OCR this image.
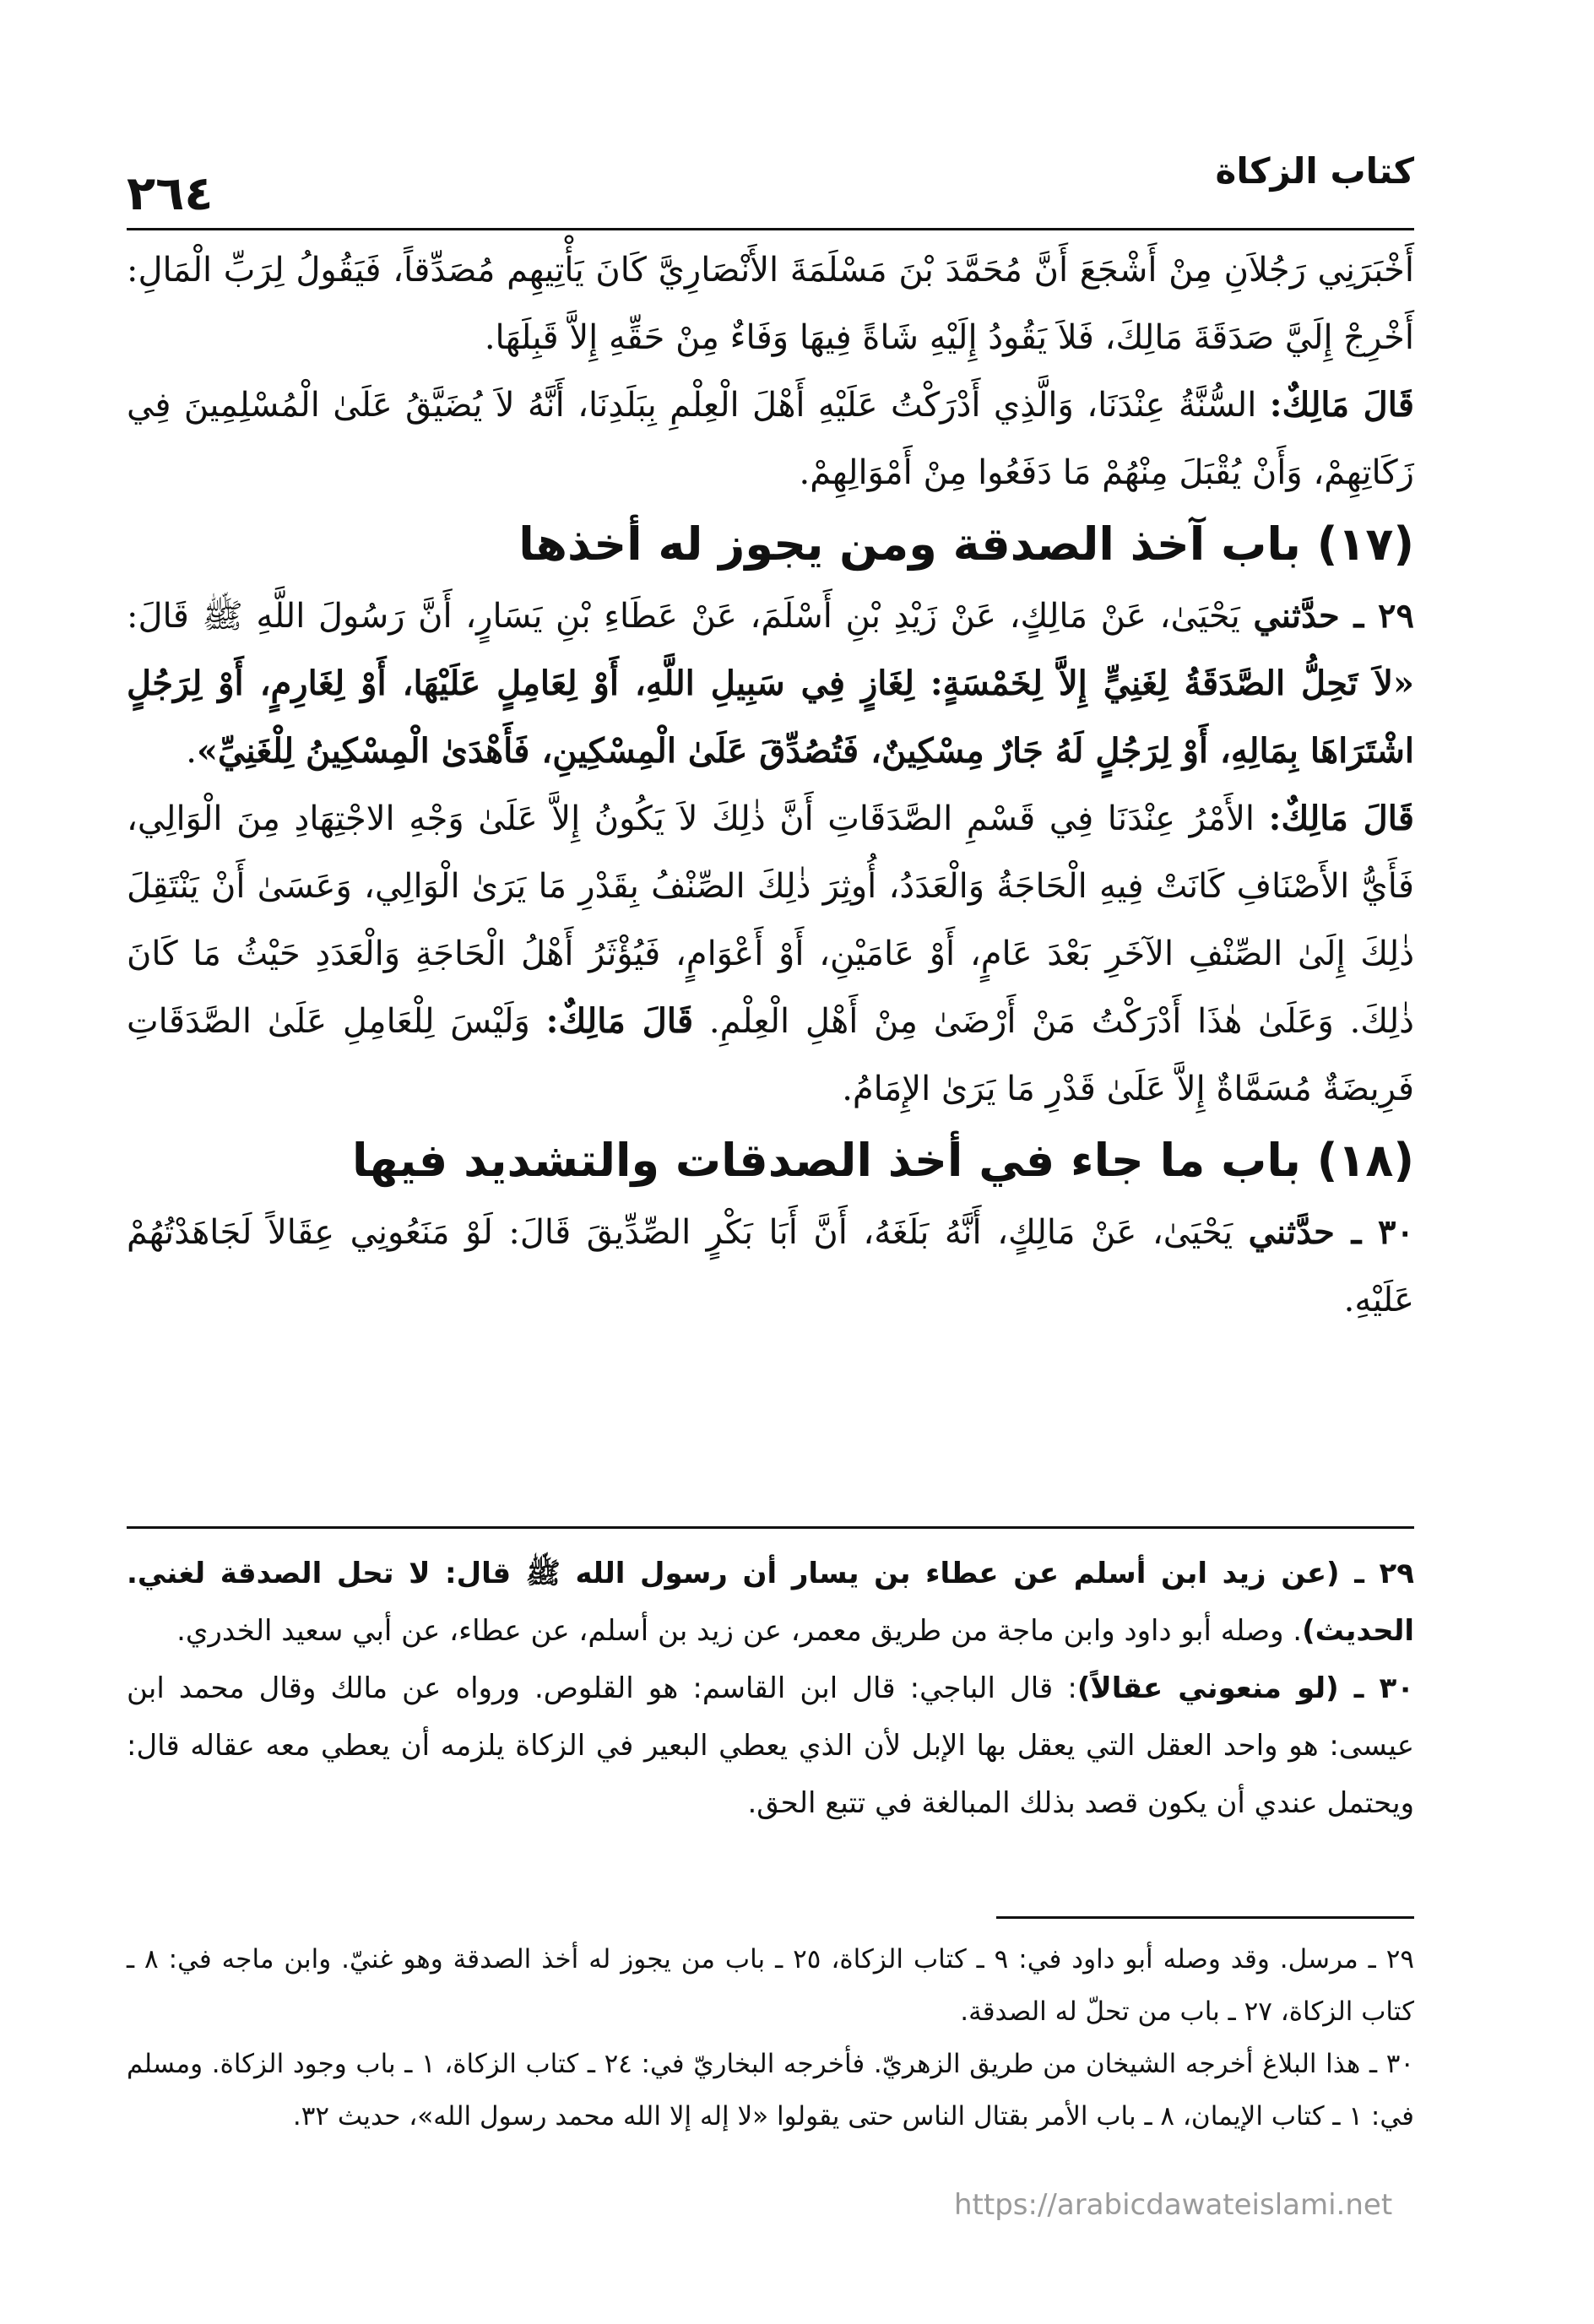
٢٦٤	كتاب الزكاة

أَخْبَرَنِي رَجُلاَنِ مِنْ أَشْجَعَ أَنَّ مُحَمَّدَ بْنَ مَسْلَمَةَ الأَنْصَارِيَّ كَانَ يَأْتِيهِم مُصَدِّقاً، فَيَقُولُ لِرَبِّ الْمَالِ: أَخْرِجْ إِلَيَّ صَدَقَةَ مَالِكَ، فَلاَ يَقُودُ إِلَيْهِ شَاةً فِيهَا وَفَاءٌ مِنْ حَقِّهِ إِلاَّ قَبِلَهَا.

قَالَ مَالِكٌ: السُّنَّةُ عِنْدَنَا، وَالَّذِي أَدْرَكْتُ عَلَيْهِ أَهْلَ الْعِلْمِ بِبَلَدِنَا، أَنَّهُ لاَ يُضَيَّقُ عَلَىٰ الْمُسْلِمِينَ فِي زَكَاتِهِمْ، وَأَنْ يُقْبَلَ مِنْهُمْ مَا دَفَعُوا مِنْ أَمْوَالِهِمْ.

(١٧) باب آخذ الصدقة ومن يجوز له أخذها

٢٩ ـ حدَّثني يَحْيَىٰ، عَنْ مَالِكٍ، عَنْ زَيْدِ بْنِ أَسْلَمَ، عَنْ عَطَاءِ بْنِ يَسَارٍ، أَنَّ رَسُولَ اللَّهِ ﷺ قَالَ: «لاَ تَحِلُّ الصَّدَقَةُ لِغَنِيٍّ إِلاَّ لِخَمْسَةٍ: لِغَازٍ فِي سَبِيلِ اللَّهِ، أَوْ لِعَامِلٍ عَلَيْهَا، أَوْ لِغَارِمٍ، أَوْ لِرَجُلٍ اشْتَرَاهَا بِمَالِهِ، أَوْ لِرَجُلٍ لَهُ جَارٌ مِسْكِينٌ، فَتُصُدِّقَ عَلَىٰ الْمِسْكِينِ، فَأَهْدَىٰ الْمِسْكِينُ لِلْغَنِيِّ».

قَالَ مَالِكٌ: الأَمْرُ عِنْدَنَا فِي قَسْمِ الصَّدَقَاتِ أَنَّ ذٰلِكَ لاَ يَكُونُ إِلاَّ عَلَىٰ وَجْهِ الاجْتِهَادِ مِنَ الْوَالِي، فَأَيُّ الأَصْنَافِ كَانَتْ فِيهِ الْحَاجَةُ وَالْعَدَدُ، أُوثِرَ ذٰلِكَ الصِّنْفُ بِقَدْرِ مَا يَرَىٰ الْوَالِي، وَعَسَىٰ أَنْ يَنْتَقِلَ ذٰلِكَ إِلَىٰ الصِّنْفِ الآخَرِ بَعْدَ عَامٍ، أَوْ عَامَيْنِ، أَوْ أَعْوَامٍ، فَيُؤْثَرُ أَهْلُ الْحَاجَةِ وَالْعَدَدِ حَيْثُ مَا كَانَ ذٰلِكَ. وَعَلَىٰ هٰذَا أَدْرَكْتُ مَنْ أَرْضَىٰ مِنْ أَهْلِ الْعِلْمِ. قَالَ مَالِكٌ: وَلَيْسَ لِلْعَامِلِ عَلَىٰ الصَّدَقَاتِ فَرِيضَةٌ مُسَمَّاةٌ إِلاَّ عَلَىٰ قَدْرِ مَا يَرَىٰ الإِمَامُ.

(١٨) باب ما جاء في أخذ الصدقات والتشديد فيها

٣٠ ـ حدَّثني يَحْيَىٰ، عَنْ مَالِكٍ، أَنَّهُ بَلَغَهُ، أَنَّ أَبَا بَكْرٍ الصِّدِّيقَ قَالَ: لَوْ مَنَعُونِي عِقَالاً لَجَاهَدْتُهُمْ عَلَيْهِ.

٢٩ ـ (عن زيد ابن أسلم عن عطاء بن يسار أن رسول الله ﷺ قال: لا تحل الصدقة لغني. الحديث). وصله أبو داود وابن ماجة من طريق معمر، عن زيد بن أسلم، عن عطاء، عن أبي سعيد الخدري.

٣٠ ـ (لو منعوني عقالاً): قال الباجي: قال ابن القاسم: هو القلوص. ورواه عن مالك وقال محمد ابن عيسى: هو واحد العقل التي يعقل بها الإبل لأن الذي يعطي البعير في الزكاة يلزمه أن يعطي معه عقاله قال: ويحتمل عندي أن يكون قصد بذلك المبالغة في تتبع الحق.

٢٩ ـ مرسل. وقد وصله أبو داود في: ٩ ـ كتاب الزكاة، ٢٥ ـ باب من يجوز له أخذ الصدقة وهو غنيّ. وابن ماجه في: ٨ ـ كتاب الزكاة، ٢٧ ـ باب من تحلّ له الصدقة.

٣٠ ـ هذا البلاغ أخرجه الشيخان من طريق الزهريّ. فأخرجه البخاريّ في: ٢٤ ـ كتاب الزكاة، ١ ـ باب وجود الزكاة. ومسلم في: ١ ـ كتاب الإيمان، ٨ ـ باب الأمر بقتال الناس حتى يقولوا «لا إله إلا الله محمد رسول الله»، حديث ٣٢.

https://arabicdawateislami.net
